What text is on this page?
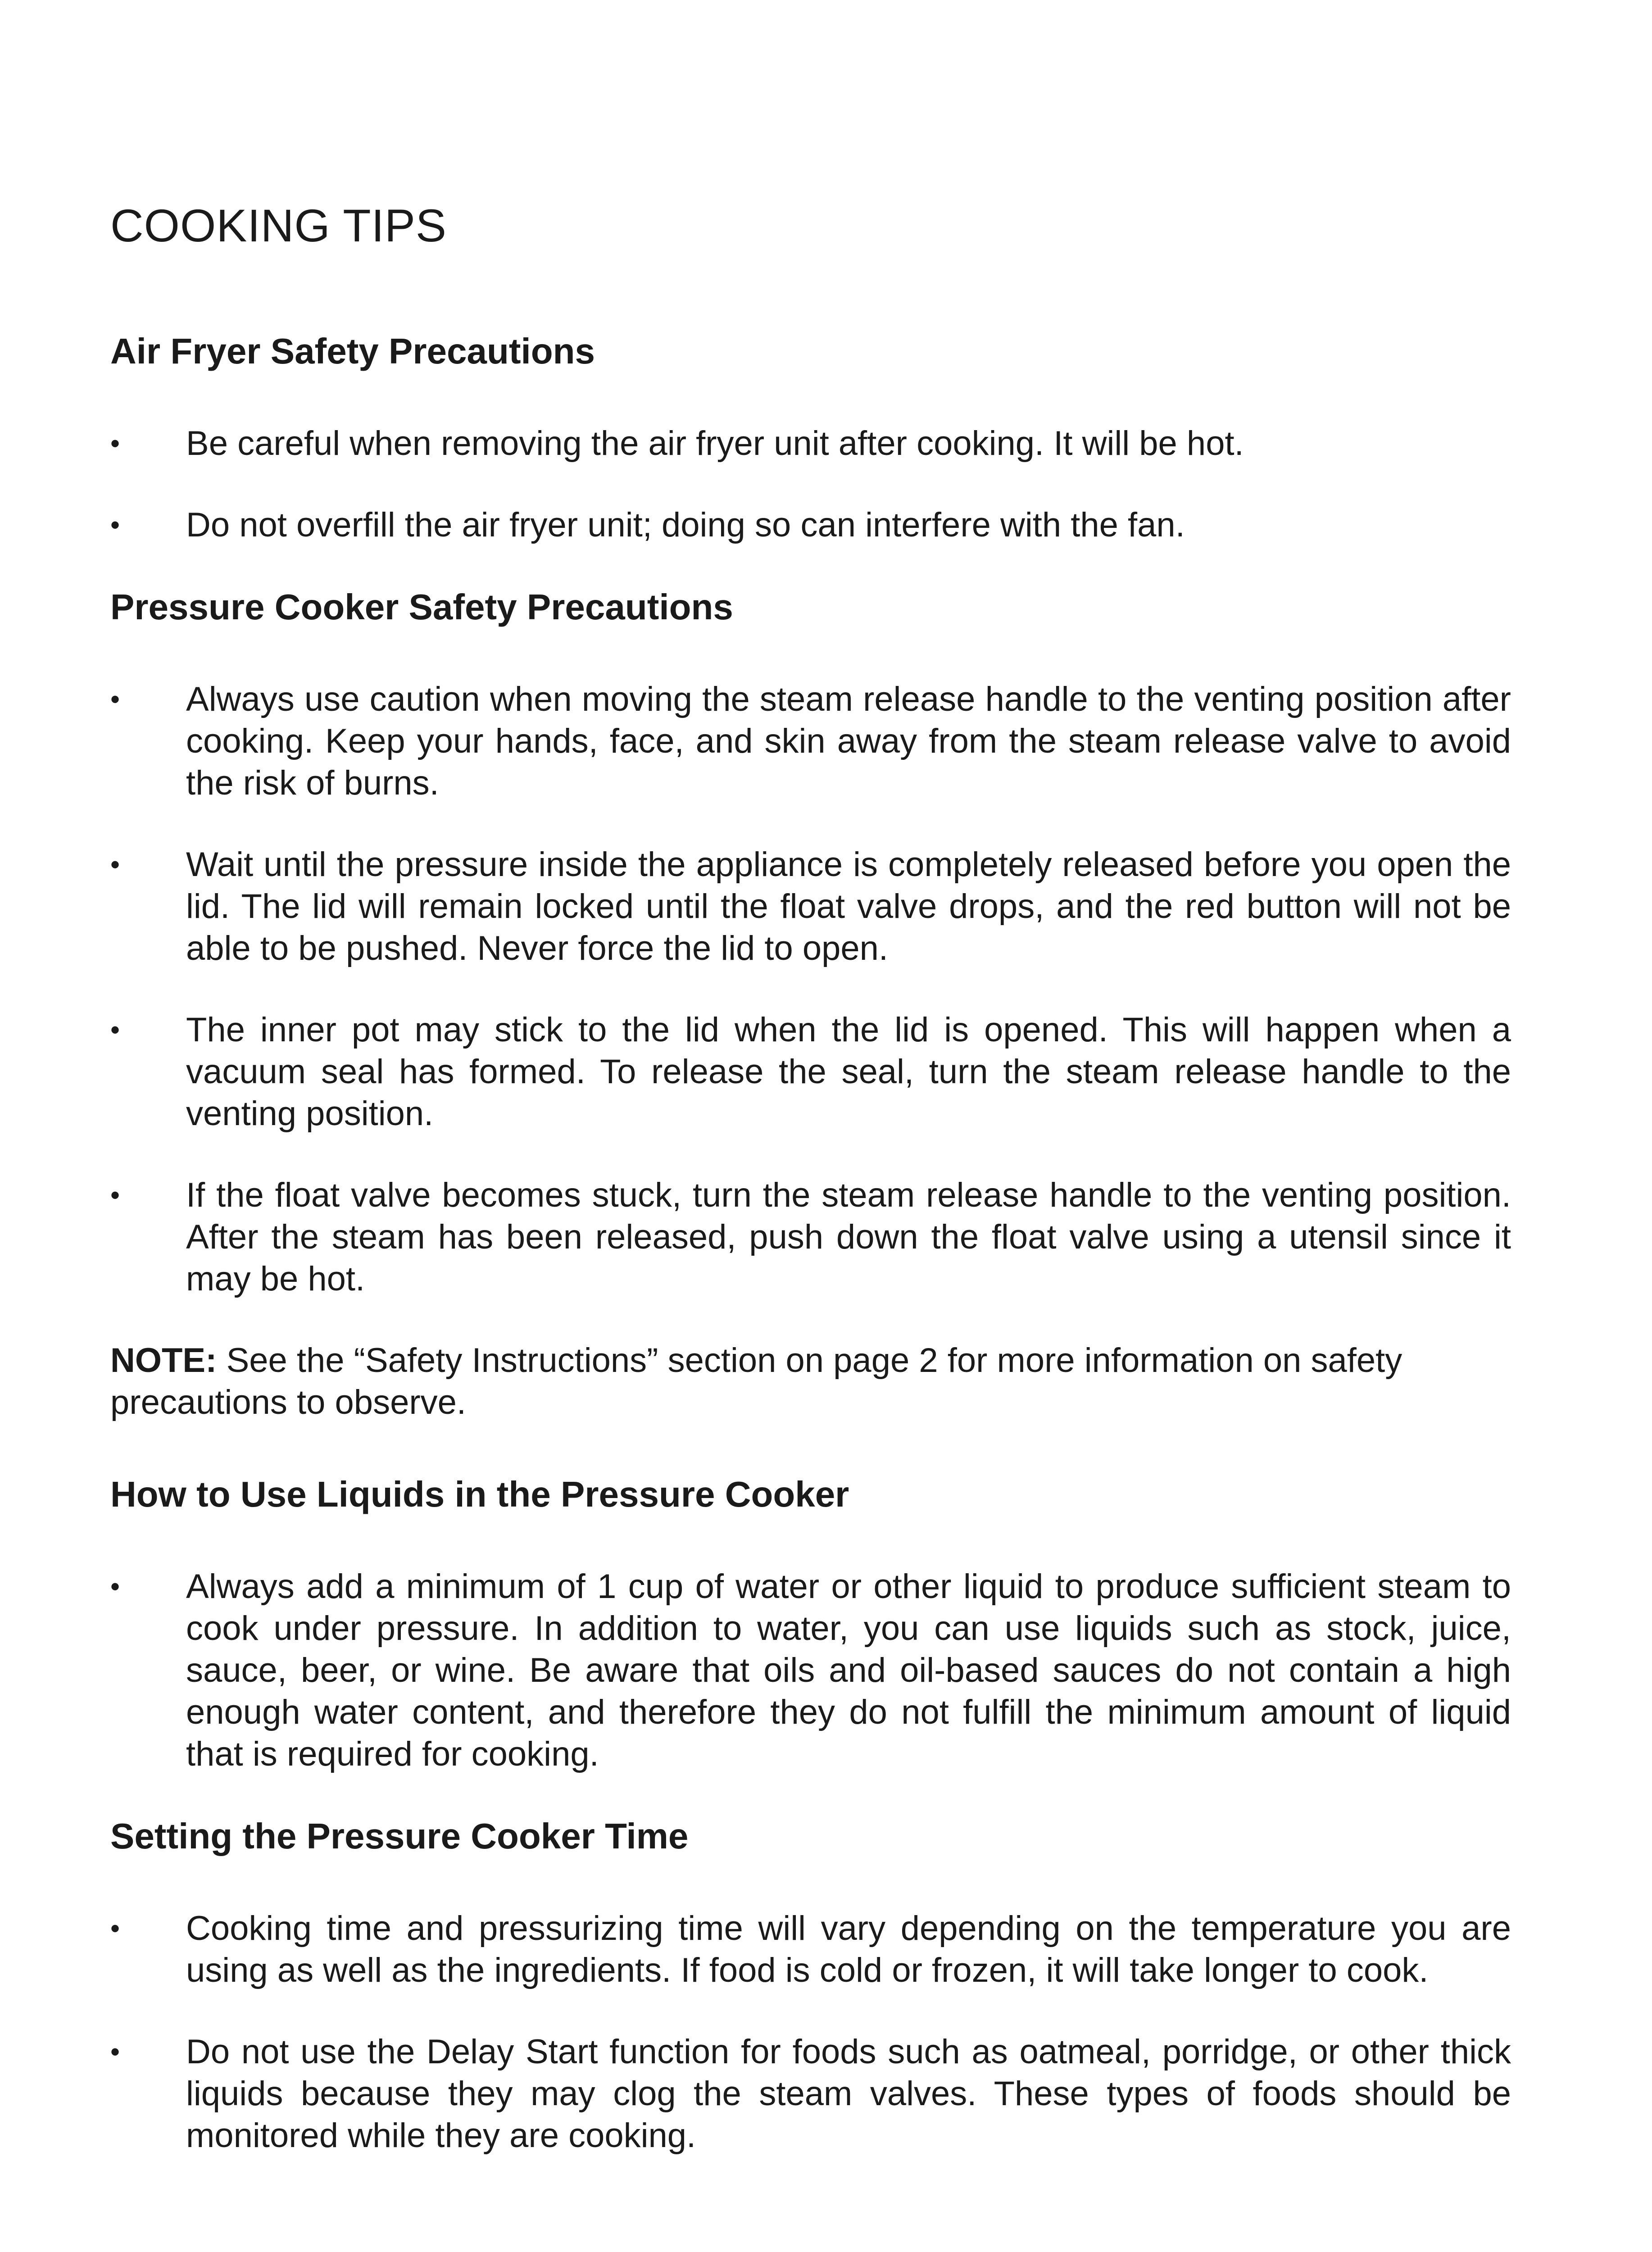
COOKING TIPS
Air Fryer Safety Precautions
•	Be careful when removing the air fryer unit after cooking. It will be hot.
•	Do not overfill the air fryer unit; doing so can interfere with the fan.
Pressure Cooker Safety Precautions
•	Always use caution when moving the steam release handle to the venting position after cooking. Keep your hands, face, and skin away from the steam release valve to avoid the risk of burns.
•	Wait until the pressure inside the appliance is completely released before you open the lid. The lid will remain locked until the float valve drops, and the red button will not be able to be pushed. Never force the lid to open.
•	The inner pot may stick to the lid when the lid is opened. This will happen when a vacuum seal has formed. To release the seal, turn the steam release handle to the venting position.
•	If the float valve becomes stuck, turn the steam release handle to the venting position. After the steam has been released, push down the float valve using a utensil since it may be hot.

NOTE: See the “Safety Instructions” section on page 2 for more information on safety precautions to observe.

How to Use Liquids in the Pressure Cooker
•	Always add a minimum of 1 cup of water or other liquid to produce sufficient steam to cook under pressure. In addition to water, you can use liquids such as stock, juice, sauce, beer, or wine. Be aware that oils and oil-based sauces do not contain a high enough water content, and therefore they do not fulfill the minimum amount of liquid that is required for cooking.
Setting the Pressure Cooker Time
•	Cooking time and pressurizing time will vary depending on the temperature you are using as well as the ingredients. If food is cold or frozen, it will take longer to cook.
•	Do not use the Delay Start function for foods such as oatmeal, porridge, or other thick liquids because they may clog the steam valves. These types of foods should be monitored while they are cooking.
